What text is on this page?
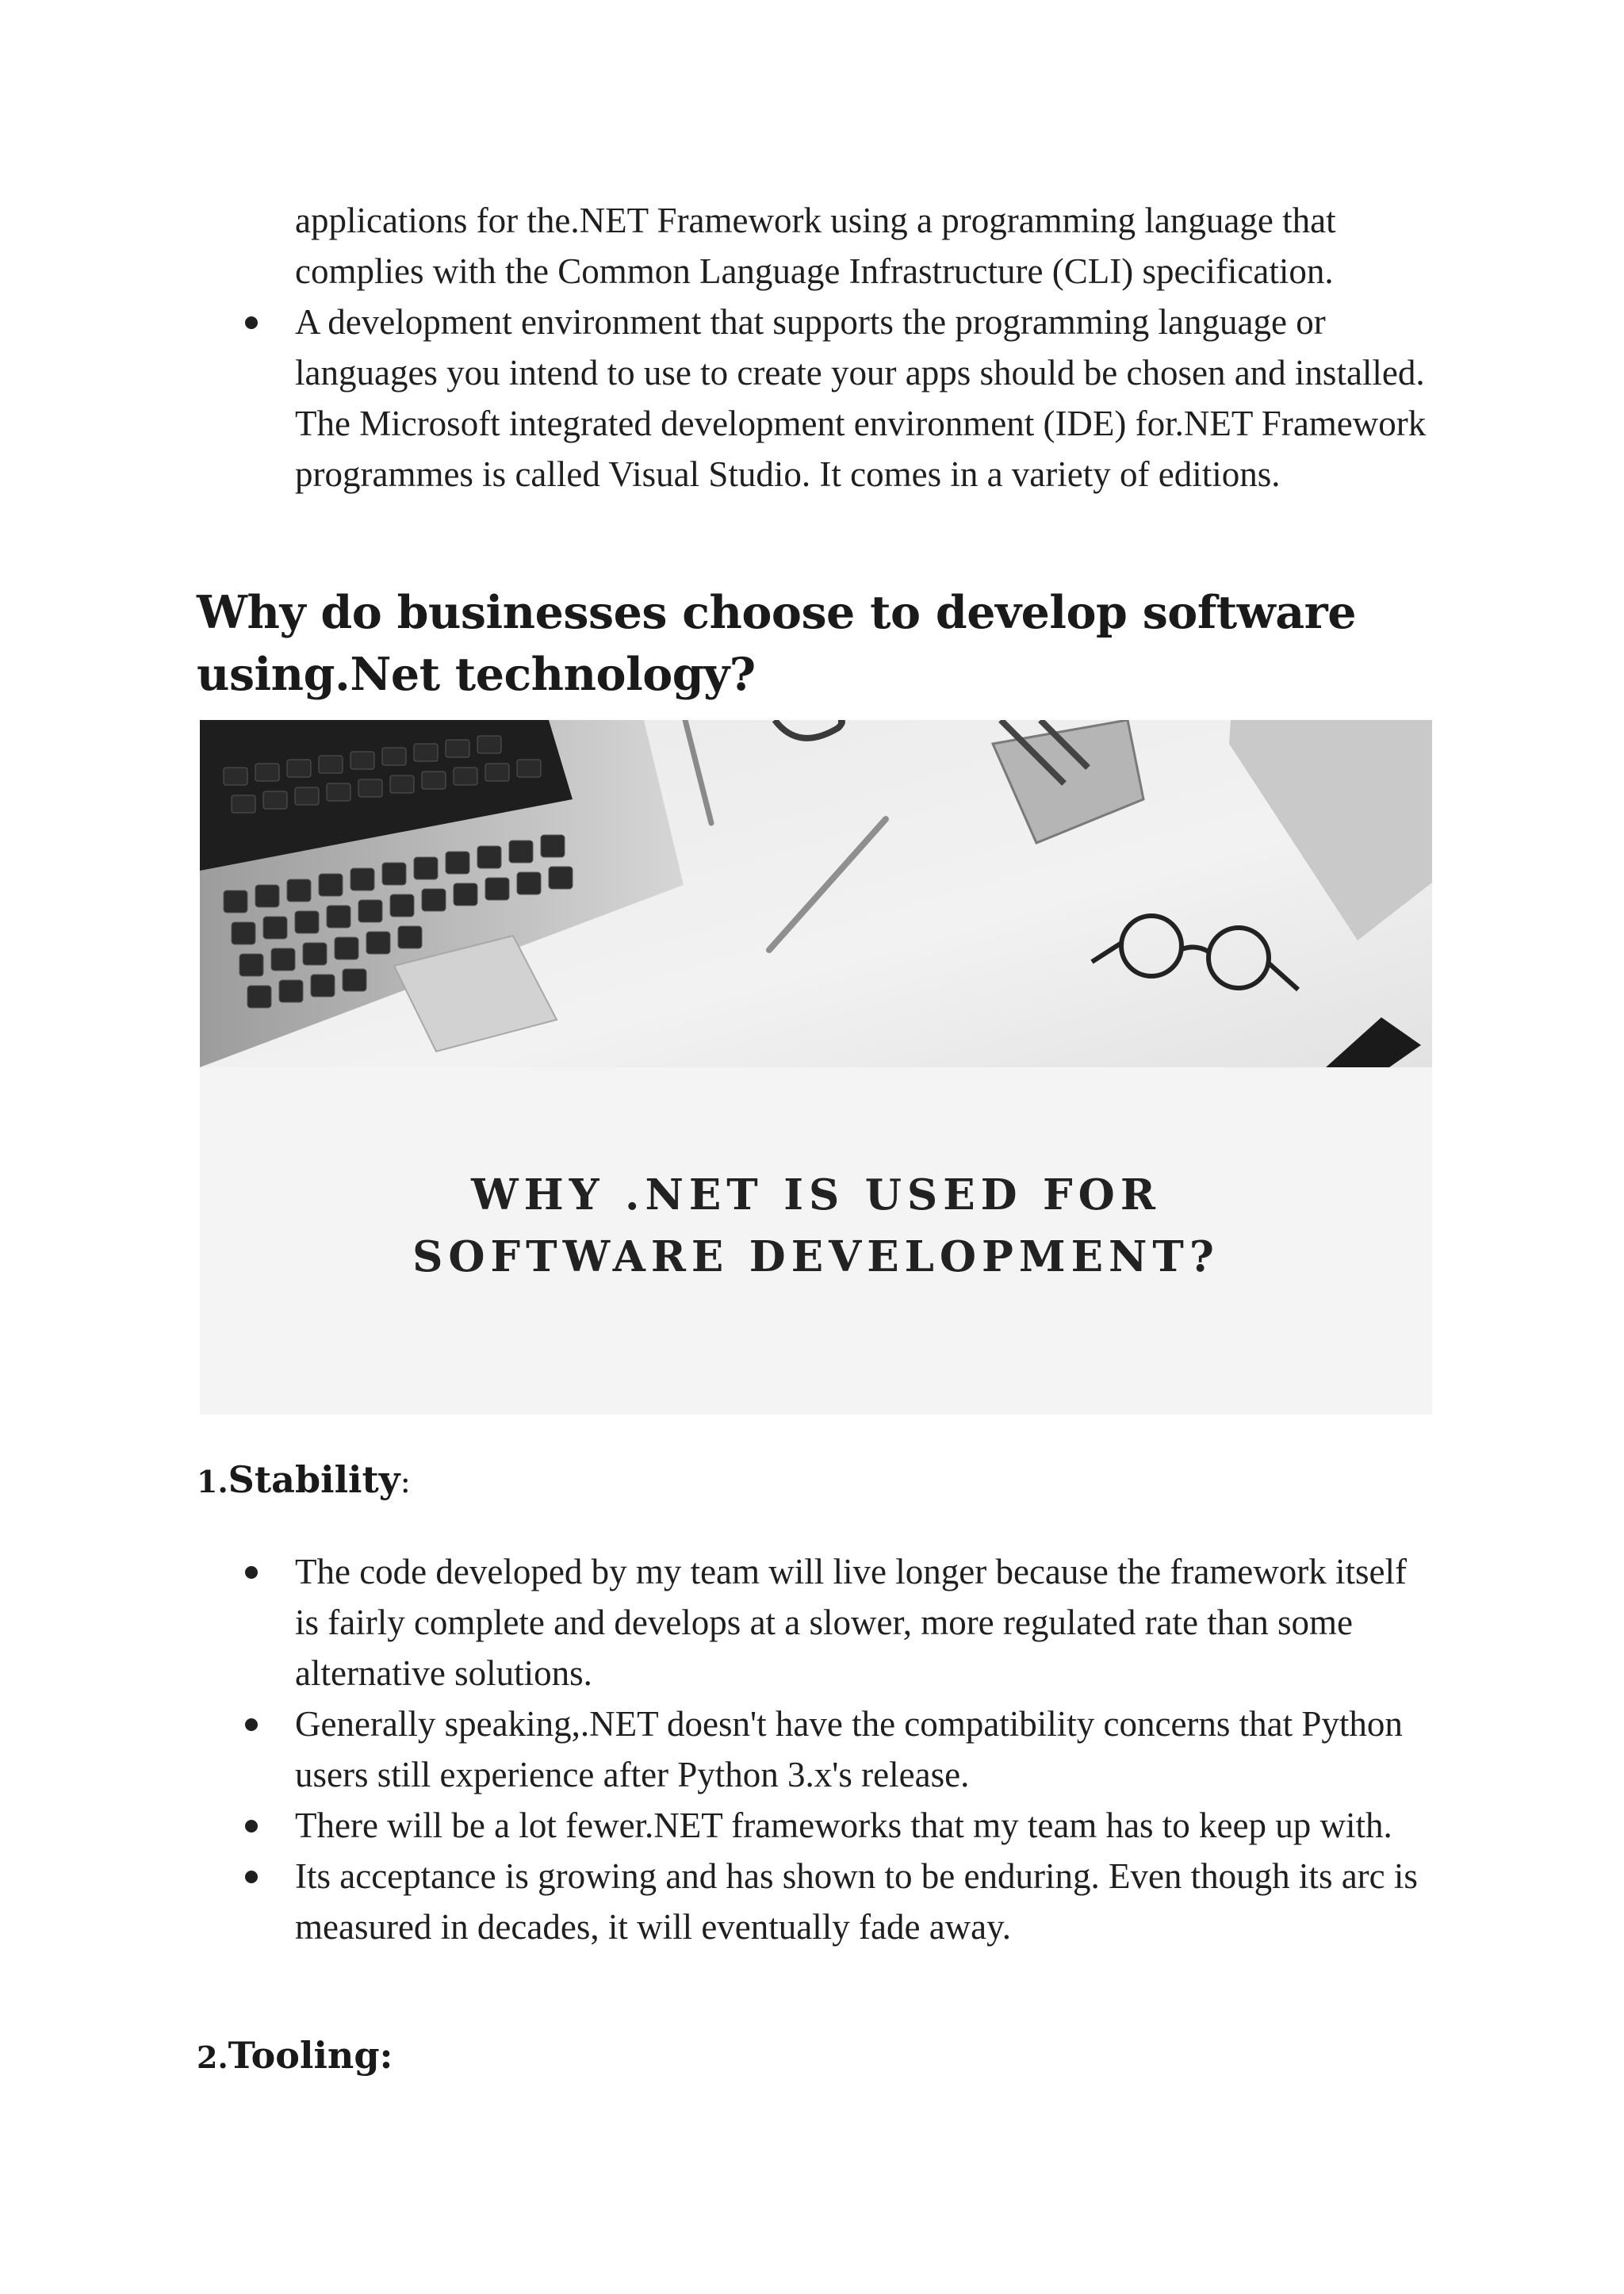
applications for the.NET Framework using a programming language that complies with the Common Language Infrastructure (CLI) specification.

A development environment that supports the programming language or languages you intend to use to create your apps should be chosen and installed. The Microsoft integrated development environment (IDE) for.NET Framework programmes is called Visual Studio. It comes in a variety of editions.
Why do businesses choose to develop software using.Net technology?
WHY .NET IS USED FOR
SOFTWARE DEVELOPMENT?
1.Stability:
The code developed by my team will live longer because the framework itself is fairly complete and develops at a slower, more regulated rate than some alternative solutions.
Generally speaking,.NET doesn't have the compatibility concerns that Python users still experience after Python 3.x's release.
There will be a lot fewer.NET frameworks that my team has to keep up with.
Its acceptance is growing and has shown to be enduring. Even though its arc is measured in decades, it will eventually fade away.
2.Tooling:
